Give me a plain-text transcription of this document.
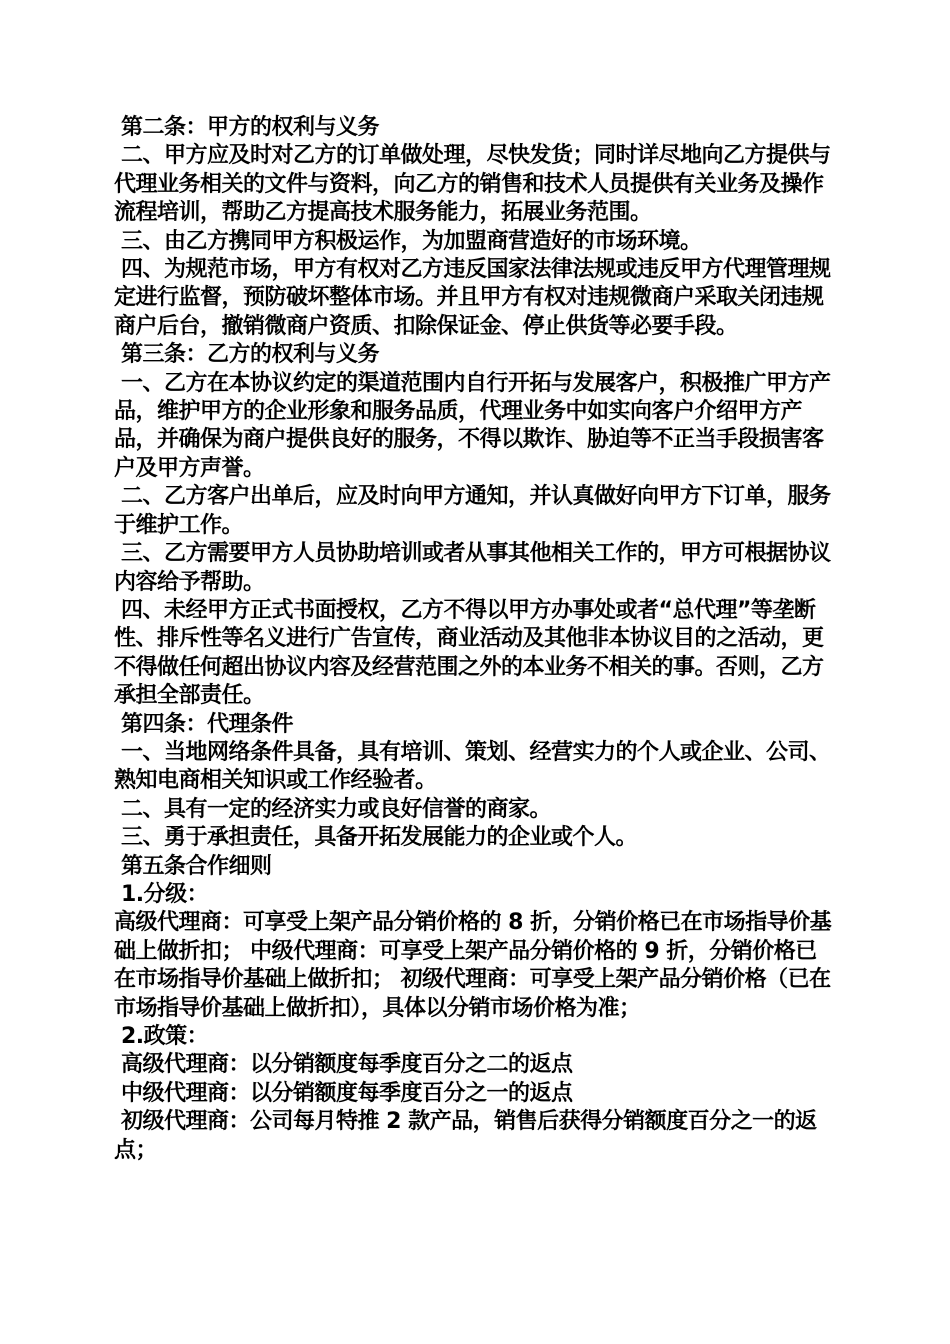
第二条：甲方的权利与义务

二、甲方应及时对乙方的订单做处理，尽快发货；同时详尽地向乙方提供与代理业务相关的文件与资料，向乙方的销售和技术人员提供有关业务及操作流程培训，帮助乙方提高技术服务能力，拓展业务范围。

三、由乙方携同甲方积极运作，为加盟商营造好的市场环境。

四、为规范市场，甲方有权对乙方违反国家法律法规或违反甲方代理管理规定进行监督，预防破坏整体市场。并且甲方有权对违规微商户采取关闭违规商户后台，撤销微商户资质、扣除保证金、停止供货等必要手段。

第三条：乙方的权利与义务

一、乙方在本协议约定的渠道范围内自行开拓与发展客户，积极推广甲方产品，维护甲方的企业形象和服务品质，代理业务中如实向客户介绍甲方产品，并确保为商户提供良好的服务，不得以欺诈、胁迫等不正当手段损害客户及甲方声誉。

二、乙方客户出单后，应及时向甲方通知，并认真做好向甲方下订单，服务于维护工作。

三、乙方需要甲方人员协助培训或者从事其他相关工作的，甲方可根据协议内容给予帮助。

四、未经甲方正式书面授权，乙方不得以甲方办事处或者“总代理”等垄断性、排斥性等名义进行广告宣传，商业活动及其他非本协议目的之活动，更不得做任何超出协议内容及经营范围之外的本业务不相关的事。否则，乙方承担全部责任。

第四条：代理条件

一、当地网络条件具备，具有培训、策划、经营实力的个人或企业、公司、熟知电商相关知识或工作经验者。

二、具有一定的经济实力或良好信誉的商家。

三、勇于承担责任，具备开拓发展能力的企业或个人。

第五条合作细则

1.分级：

高级代理商：可享受上架产品分销价格的 8 折，分销价格已在市场指导价基础上做折扣； 中级代理商：可享受上架产品分销价格的 9 折，分销价格已在市场指导价基础上做折扣； 初级代理商：可享受上架产品分销价格（已在市场指导价基础上做折扣），具体以分销市场价格为准；

2.政策：

高级代理商：以分销额度每季度百分之二的返点

中级代理商：以分销额度每季度百分之一的返点

初级代理商：公司每月特推 2 款产品，销售后获得分销额度百分之一的返点；
